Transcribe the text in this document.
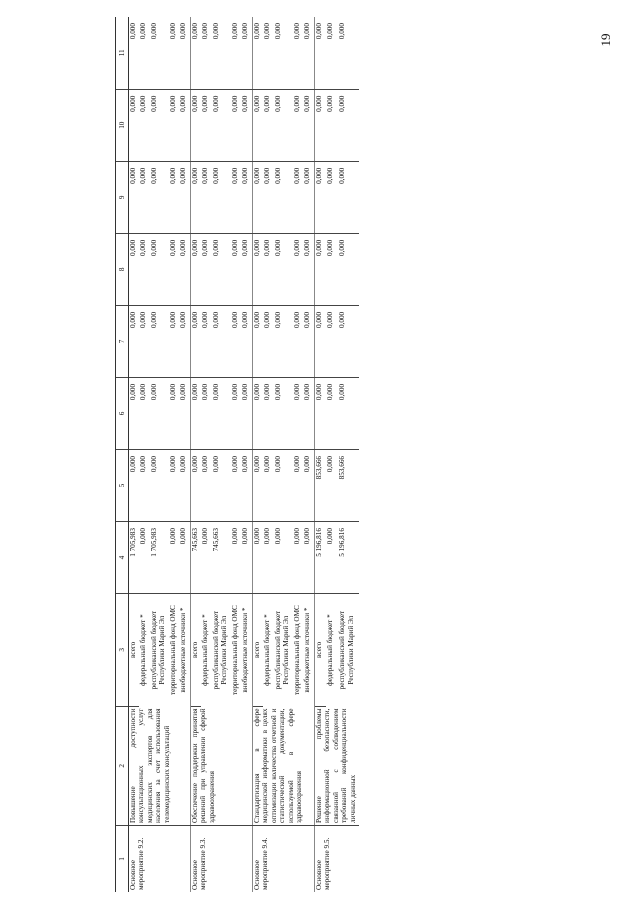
19
1	2	3	4	5	6	7	8	9	10	11
Основное мероприятие 9.2.	Повышение доступности консультационных услуг медицинских экспертов для населения за счет использования телемедицинских консультаций	всего	1 705,983	0,000	0,000	0,000	0,000	0,000	0,000	0,000
		федеральный бюджет *	0,000	0,000	0,000	0,000	0,000	0,000	0,000	0,000
		республиканский бюджет Республики Марий Эл	1 705,983	0,000	0,000	0,000	0,000	0,000	0,000	0,000
		территориальный фонд ОМС	0,000	0,000	0,000	0,000	0,000	0,000	0,000	0,000
		внебюджетные источники *	0,000	0,000	0,000	0,000	0,000	0,000	0,000	0,000
Основное мероприятие 9.3.	Обеспечение поддержки принятия решений при управлении сферой здравоохранения	всего	745,663	0,000	0,000	0,000	0,000	0,000	0,000	0,000
		федеральный бюджет *	0,000	0,000	0,000	0,000	0,000	0,000	0,000	0,000
		республиканский бюджет Республики Марий Эл	745,663	0,000	0,000	0,000	0,000	0,000	0,000	0,000
		территориальный фонд ОМС	0,000	0,000	0,000	0,000	0,000	0,000	0,000	0,000
		внебюджетные источники *	0,000	0,000	0,000	0,000	0,000	0,000	0,000	0,000
Основное мероприятие 9.4.	Стандартизация в сфере медицинской информатики в целях оптимизации количества отчетной и статистической документации, используемой в сфере здравоохранения	всего	0,000	0,000	0,000	0,000	0,000	0,000	0,000	0,000
		федеральный бюджет *	0,000	0,000	0,000	0,000	0,000	0,000	0,000	0,000
		республиканский бюджет Республики Марий Эл	0,000	0,000	0,000	0,000	0,000	0,000	0,000	0,000
		территориальный фонд ОМС	0,000	0,000	0,000	0,000	0,000	0,000	0,000	0,000
		внебюджетные источники *	0,000	0,000	0,000	0,000	0,000	0,000	0,000	0,000
Основное мероприятие 9.5.	Решение проблемы информационной безопасности, связанной с соблюдением требований конфиденциальности личных данных	всего	5 196,816	853,666	0,000	0,000	0,000	0,000	0,000	0,000
		федеральный бюджет *	0,000	0,000	0,000	0,000	0,000	0,000	0,000	0,000
		республиканский бюджет Республики Марий Эл	5 196,816	853,666	0,000	0,000	0,000	0,000	0,000	0,000
